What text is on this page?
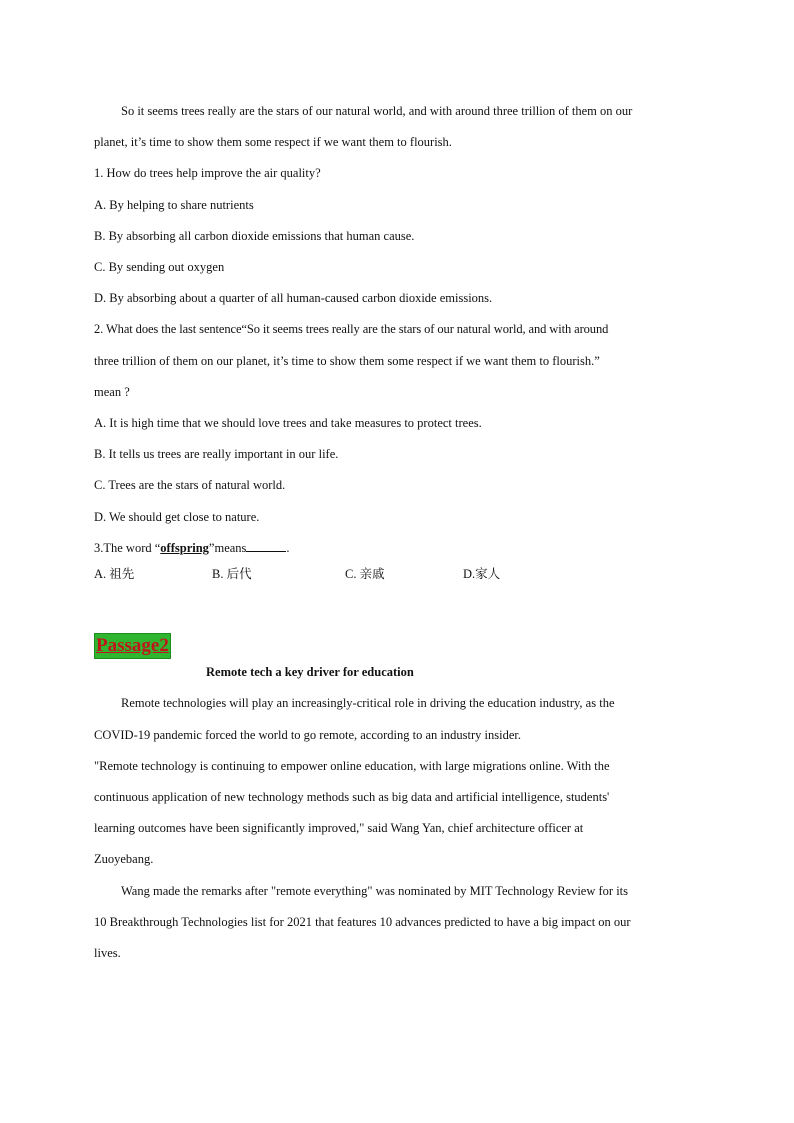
So it seems trees really are the stars of our natural world, and with around three trillion of them on our
planet, it’s time to show them some respect if we want them to flourish.
1. How do trees help improve the air quality?
A. By helping to share nutrients
B. By absorbing all carbon dioxide emissions that human cause.
C. By sending out oxygen
D. By absorbing about a quarter of all human-caused carbon dioxide emissions.
2. What does the last sentence“So it seems trees really are the stars of our natural world, and with around
three trillion of them on our planet, it’s time to show them some respect if we want them to flourish.”
mean ?
A. It is high time that we should love trees and take measures to protect trees.
B. It tells us trees are really important in our life.
C. Trees are the stars of natural world.
D. We should get close to nature.
3.The word “offspring”means	.
A. 祖先	B. 后代	C. 亲戚	D.家人
Passage2
Remote tech a key driver for education
Remote technologies will play an increasingly-critical role in driving the education industry, as the
COVID-19 pandemic forced the world to go remote, according to an industry insider.
"Remote technology is continuing to empower online education, with large migrations online. With the
continuous application of new technology methods such as big data and artificial intelligence, students'
learning outcomes have been significantly improved," said Wang Yan, chief architecture officer at
Zuoyebang.
Wang made the remarks after "remote everything" was nominated by MIT Technology Review for its
10 Breakthrough Technologies list for 2021 that features 10 advances predicted to have a big impact on our
lives.
